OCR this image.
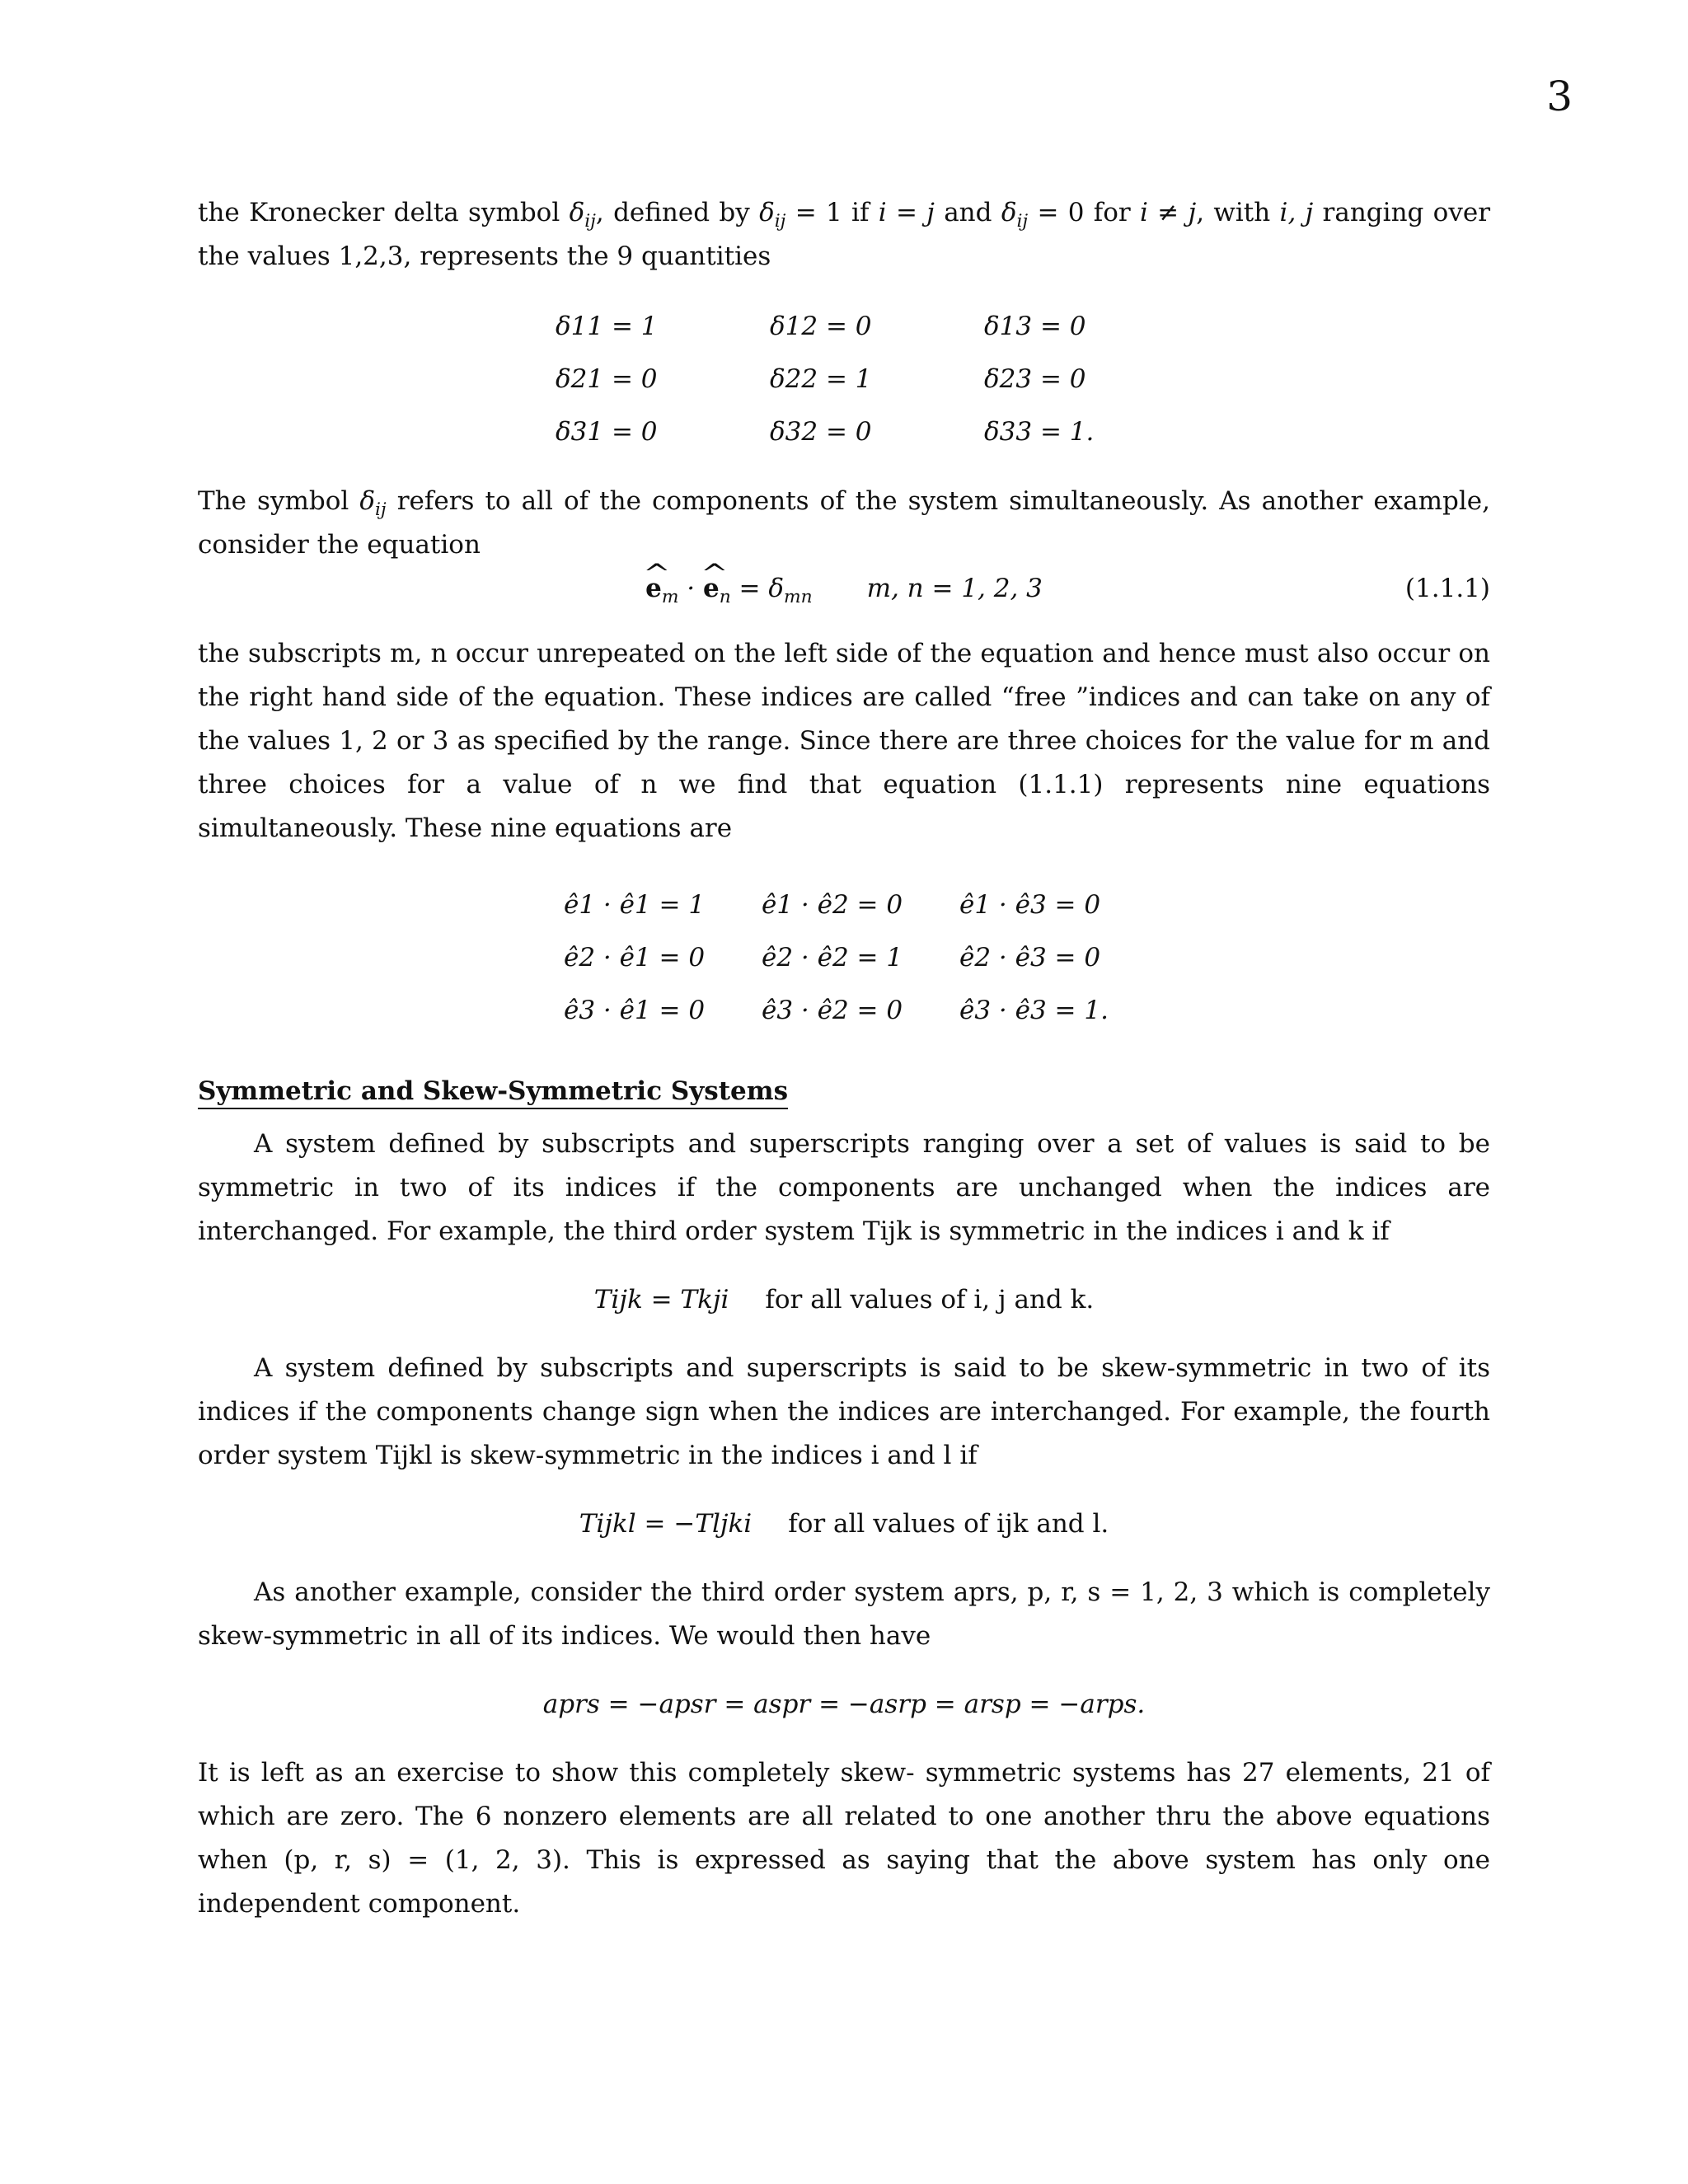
3

the Kronecker delta symbol $\delta_{ij}$, defined by $\delta_{ij} = 1$ if i = j and $\delta_{ij} = 0$ for i ≠ j, with i, j ranging over the values 1,2,3, represents the 9 quantities

δ11 = 1	δ12 = 0	δ13 = 0
δ21 = 0	δ22 = 1	δ23 = 0
δ31 = 0	δ32 = 0	δ33 = 1.

The symbol $\delta_{ij}$ refers to all of the components of the system simultaneously. As another example, consider the equation

^ $e_m$ · ^ $e_n = \delta_{mn}$ m, n = 1, 2, 3	(1.1.1)

the subscripts m, n occur unrepeated on the left side of the equation and hence must also occur on the right hand side of the equation. These indices are called “free ”indices and can take on any of the values 1, 2 or 3 as specified by the range. Since there are three choices for the value for m and three choices for a value of n we find that equation (1.1.1) represents nine equations simultaneously. These nine equations are

ê1 · ê1 = 1	ê1 · ê2 = 0	ê1 · ê3 = 0
ê2 · ê1 = 0	ê2 · ê2 = 1	ê2 · ê3 = 0
ê3 · ê1 = 0	ê3 · ê2 = 0	ê3 · ê3 = 1.
Symmetric and Skew-Symmetric Systems

A system defined by subscripts and superscripts ranging over a set of values is said to be symmetric in two of its indices if the components are unchanged when the indices are interchanged. For example, the third order system Tijk is symmetric in the indices i and k if

Tijk = Tkji for all values of i, j and k.

A system defined by subscripts and superscripts is said to be skew-symmetric in two of its indices if the components change sign when the indices are interchanged. For example, the fourth order system Tijkl is skew-symmetric in the indices i and l if

Tijkl = −Tljki for all values of ijk and l.

As another example, consider the third order system aprs, p, r, s = 1, 2, 3 which is completely skew-symmetric in all of its indices. We would then have

aprs = −apsr = aspr = −asrp = arsp = −arps.

It is left as an exercise to show this completely skew- symmetric systems has 27 elements, 21 of which are zero. The 6 nonzero elements are all related to one another thru the above equations when (p, r, s) = (1, 2, 3). This is expressed as saying that the above system has only one independent component.
